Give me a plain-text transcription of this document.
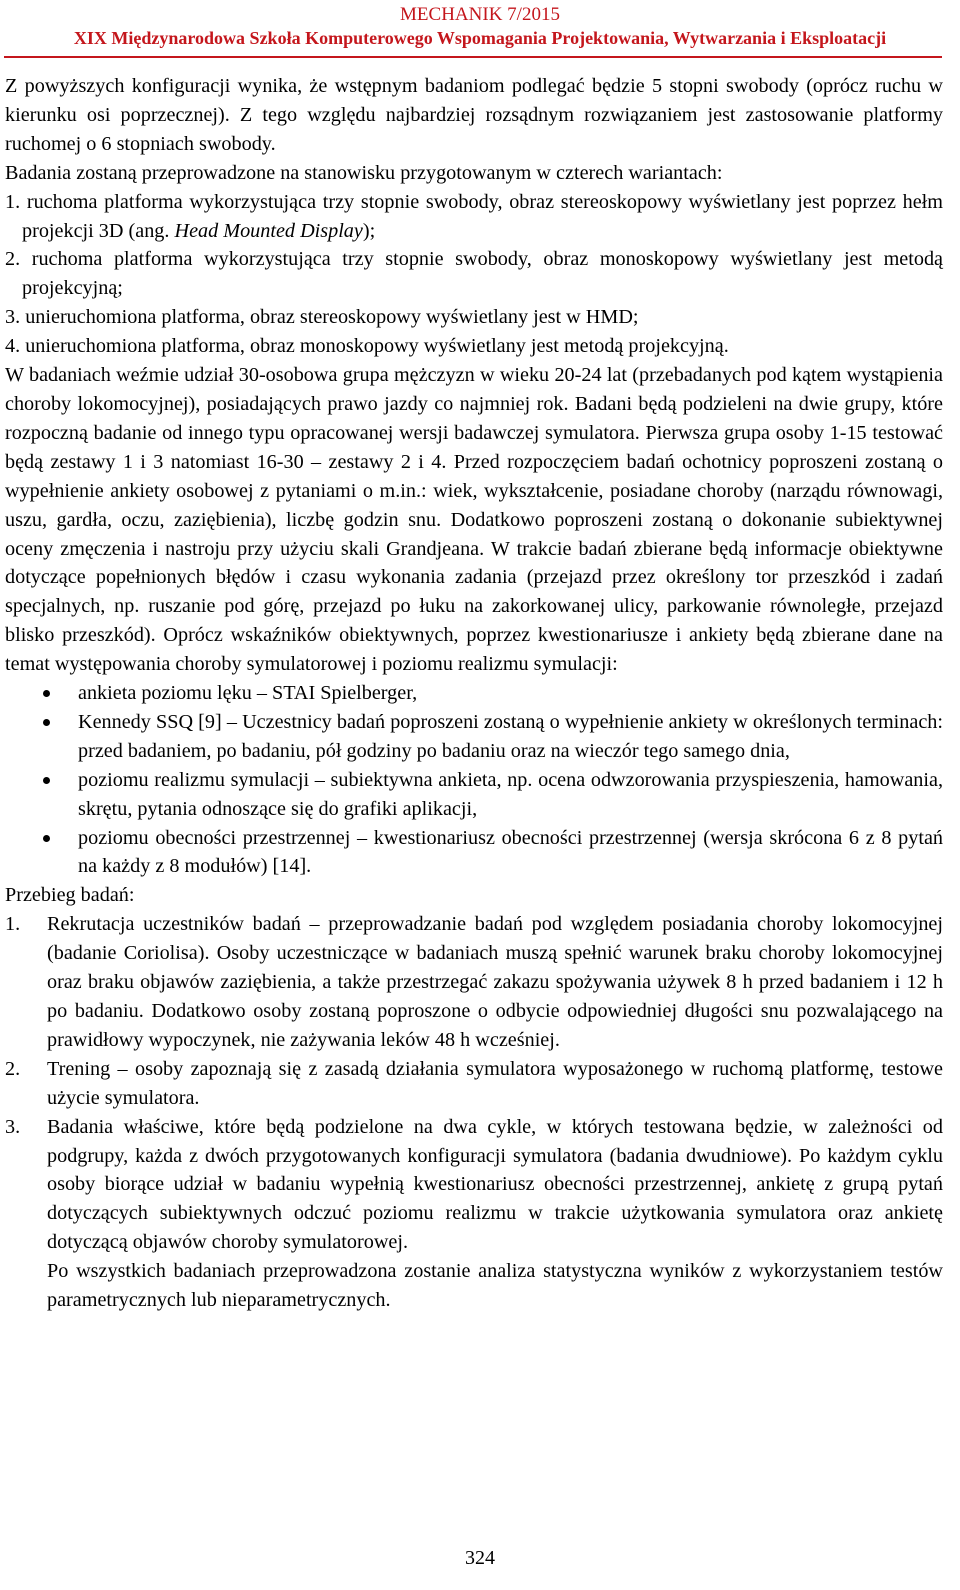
MECHANIK 7/2015
XIX Międzynarodowa Szkoła Komputerowego Wspomagania Projektowania, Wytwarzania i Eksploatacji

Z powyższych konfiguracji wynika, że wstępnym badaniom podlegać będzie 5 stopni swobody (oprócz ruchu w kierunku osi poprzecznej). Z tego względu najbardziej rozsądnym rozwiązaniem jest zastosowanie platformy ruchomej o 6 stopniach swobody.

Badania zostaną przeprowadzone na stanowisku przygotowanym w czterech wariantach:

1. ruchoma platforma wykorzystująca trzy stopnie swobody, obraz stereoskopowy wyświetlany jest poprzez hełm projekcji 3D (ang. Head Mounted Display);

2. ruchoma platforma wykorzystująca trzy stopnie swobody, obraz monoskopowy wyświetlany jest metodą projekcyjną;

3. unieruchomiona platforma, obraz stereoskopowy wyświetlany jest w HMD;

4. unieruchomiona platforma, obraz monoskopowy wyświetlany jest metodą projekcyjną.

W badaniach weźmie udział 30-osobowa grupa mężczyzn w wieku 20-24 lat (przebadanych pod kątem wystąpienia choroby lokomocyjnej), posiadających prawo jazdy co najmniej rok. Badani będą podzieleni na dwie grupy, które rozpoczną badanie od innego typu opracowanej wersji badawczej symulatora. Pierwsza grupa osoby 1-15 testować będą zestawy 1 i 3 natomiast 16-30 – zestawy 2 i 4. Przed rozpoczęciem badań ochotnicy poproszeni zostaną o wypełnienie ankiety osobowej z pytaniami o m.in.: wiek, wykształcenie, posiadane choroby (narządu równowagi, uszu, gardła, oczu, zaziębienia), liczbę godzin snu. Dodatkowo poproszeni zostaną o dokonanie subiektywnej oceny zmęczenia i nastroju przy użyciu skali Grandjeana. W trakcie badań zbierane będą informacje obiektywne dotyczące popełnionych błędów i czasu wykonania zadania (przejazd przez określony tor przeszkód i zadań specjalnych, np. ruszanie pod górę, przejazd po łuku na zakorkowanej ulicy, parkowanie równoległe, przejazd blisko przeszkód). Oprócz wskaźników obiektywnych, poprzez kwestionariusze i ankiety będą zbierane dane na temat występowania choroby symulatorowej i poziomu realizmu symulacji:

ankieta poziomu lęku – STAI Spielberger,
Kennedy SSQ [9] – Uczestnicy badań poproszeni zostaną o wypełnienie ankiety w określonych terminach: przed badaniem, po badaniu, pół godziny po badaniu oraz na wieczór tego samego dnia,
poziomu realizmu symulacji – subiektywna ankieta, np. ocena odwzorowania przyspieszenia, hamowania, skrętu, pytania odnoszące się do grafiki aplikacji,
poziomu obecności przestrzennej – kwestionariusz obecności przestrzennej (wersja skrócona 6 z 8 pytań na każdy z 8 modułów) [14].

Przebieg badań:

1. Rekrutacja uczestników badań – przeprowadzanie badań pod względem posiadania choroby lokomocyjnej (badanie Coriolisa). Osoby uczestniczące w badaniach muszą spełnić warunek braku choroby lokomocyjnej oraz braku objawów zaziębienia, a także przestrzegać zakazu spożywania używek 8 h przed badaniem i 12 h po badaniu. Dodatkowo osoby zostaną poproszone o odbycie odpowiedniej długości snu pozwalającego na prawidłowy wypoczynek, nie zażywania leków 48 h wcześniej.
2. Trening – osoby zapoznają się z zasadą działania symulatora wyposażonego w ruchomą platformę, testowe użycie symulatora.
3. Badania właściwe, które będą podzielone na dwa cykle, w których testowana będzie, w zależności od podgrupy, każda z dwóch przygotowanych konfiguracji symulatora (badania dwudniowe). Po każdym cyklu osoby biorące udział w badaniu wypełnią kwestionariusz obecności przestrzennej, ankietę z grupą pytań dotyczących subiektywnych odczuć poziomu realizmu w trakcie użytkowania symulatora oraz ankietę dotyczącą objawów choroby symulatorowej.

Po wszystkich badaniach przeprowadzona zostanie analiza statystyczna wyników z wykorzystaniem testów parametrycznych lub nieparametrycznych.

324
